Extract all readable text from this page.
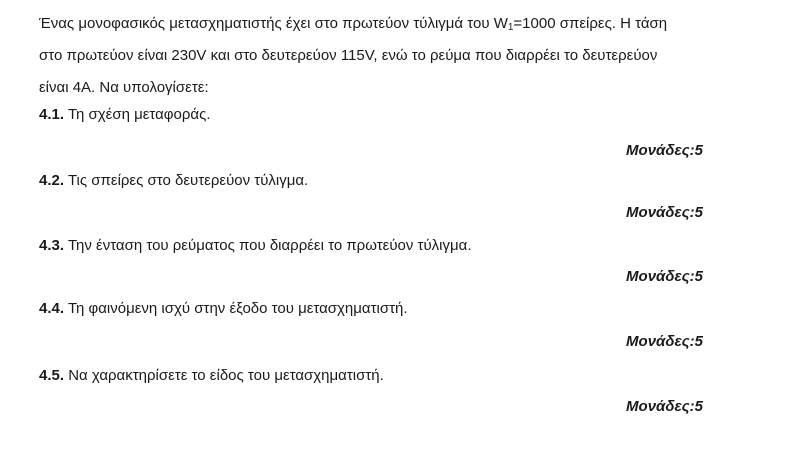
Ένας μονοφασικός μετασχηματιστής έχει στο πρωτεύον τύλιγμά του $W_1=1000$ σπείρες. Η τάση
στο πρωτεύον είναι 230V και στο δευτερεύον 115V, ενώ το ρεύμα που διαρρέει το δευτερεύον
είναι 4A. Να υπολογίσετε:

4.1. Τη σχέση μεταφοράς.

Μονάδες:5

4.2. Τις σπείρες στο δευτερεύον τύλιγμα.

Μονάδες:5

4.3. Την ένταση του ρεύματος που διαρρέει το πρωτεύον τύλιγμα.

Μονάδες:5

4.4. Τη φαινόμενη ισχύ στην έξοδο του μετασχηματιστή.

Μονάδες:5

4.5. Να χαρακτηρίσετε το είδος του μετασχηματιστή.

Μονάδες:5
